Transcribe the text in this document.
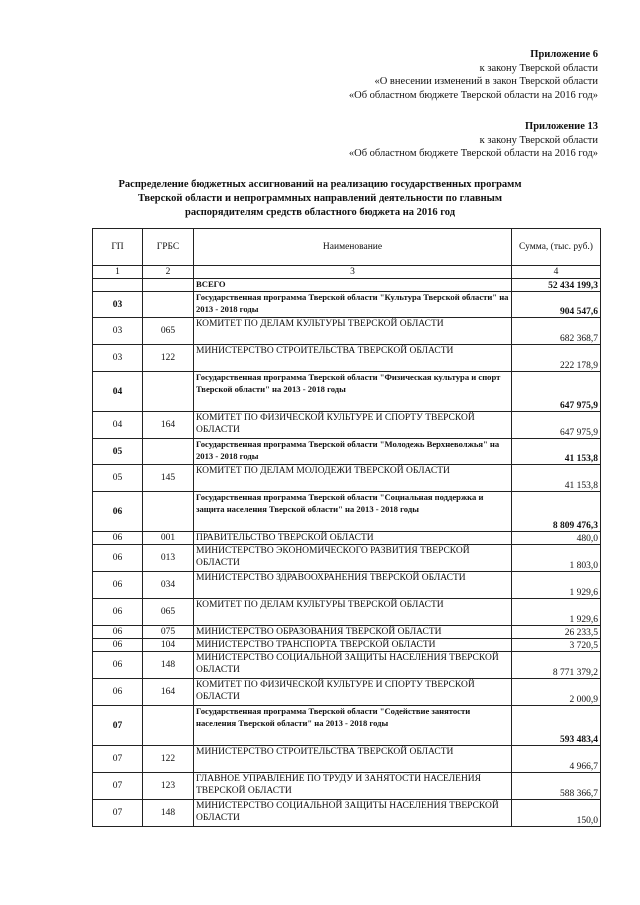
Приложение 6
к закону Тверской области
«О внесении изменений в закон Тверской области
«Об областном бюджете Тверской области на 2016 год»
Приложение 13
к закону Тверской области
«Об областном бюджете Тверской области на 2016 год»
Распределение бюджетных ассигнований на реализацию государственных программ Тверской области и непрограммных направлений деятельности по главным распорядителям средств областного бюджета на 2016 год
ГП	ГРБС	Наименование	Сумма, (тыс. руб.)
1	2	3	4
		ВСЕГО	52 434 199,3
03		Государственная программа Тверской области "Культура Тверской области" на 2013 - 2018 годы	904 547,6
03	065	КОМИТЕТ ПО ДЕЛАМ КУЛЬТУРЫ ТВЕРСКОЙ ОБЛАСТИ	682 368,7
03	122	МИНИСТЕРСТВО СТРОИТЕЛЬСТВА ТВЕРСКОЙ ОБЛАСТИ	222 178,9
04		Государственная программа Тверской области "Физическая культура и спорт Тверской области" на 2013 - 2018 годы	647 975,9
04	164	КОМИТЕТ ПО ФИЗИЧЕСКОЙ КУЛЬТУРЕ И СПОРТУ ТВЕРСКОЙ ОБЛАСТИ	647 975,9
05		Государственная программа Тверской области "Молодежь Верхневолжья" на 2013 - 2018 годы	41 153,8
05	145	КОМИТЕТ ПО ДЕЛАМ МОЛОДЕЖИ ТВЕРСКОЙ ОБЛАСТИ	41 153,8
06		Государственная программа Тверской области "Социальная поддержка и защита населения Тверской области" на 2013 - 2018 годы	8 809 476,3
06	001	ПРАВИТЕЛЬСТВО ТВЕРСКОЙ ОБЛАСТИ	480,0
06	013	МИНИСТЕРСТВО ЭКОНОМИЧЕСКОГО РАЗВИТИЯ ТВЕРСКОЙ ОБЛАСТИ	1 803,0
06	034	МИНИСТЕРСТВО ЗДРАВООХРАНЕНИЯ ТВЕРСКОЙ ОБЛАСТИ	1 929,6
06	065	КОМИТЕТ ПО ДЕЛАМ КУЛЬТУРЫ ТВЕРСКОЙ ОБЛАСТИ	1 929,6
06	075	МИНИСТЕРСТВО ОБРАЗОВАНИЯ ТВЕРСКОЙ ОБЛАСТИ	26 233,5
06	104	МИНИСТЕРСТВО ТРАНСПОРТА ТВЕРСКОЙ ОБЛАСТИ	3 720,5
06	148	МИНИСТЕРСТВО СОЦИАЛЬНОЙ ЗАЩИТЫ НАСЕЛЕНИЯ ТВЕРСКОЙ ОБЛАСТИ	8 771 379,2
06	164	КОМИТЕТ ПО ФИЗИЧЕСКОЙ КУЛЬТУРЕ И СПОРТУ ТВЕРСКОЙ ОБЛАСТИ	2 000,9
07		Государственная программа Тверской области "Содействие занятости населения Тверской области" на 2013 - 2018 годы	593 483,4
07	122	МИНИСТЕРСТВО СТРОИТЕЛЬСТВА ТВЕРСКОЙ ОБЛАСТИ	4 966,7
07	123	ГЛАВНОЕ УПРАВЛЕНИЕ ПО ТРУДУ И ЗАНЯТОСТИ НАСЕЛЕНИЯ ТВЕРСКОЙ ОБЛАСТИ	588 366,7
07	148	МИНИСТЕРСТВО СОЦИАЛЬНОЙ ЗАЩИТЫ НАСЕЛЕНИЯ ТВЕРСКОЙ ОБЛАСТИ	150,0
